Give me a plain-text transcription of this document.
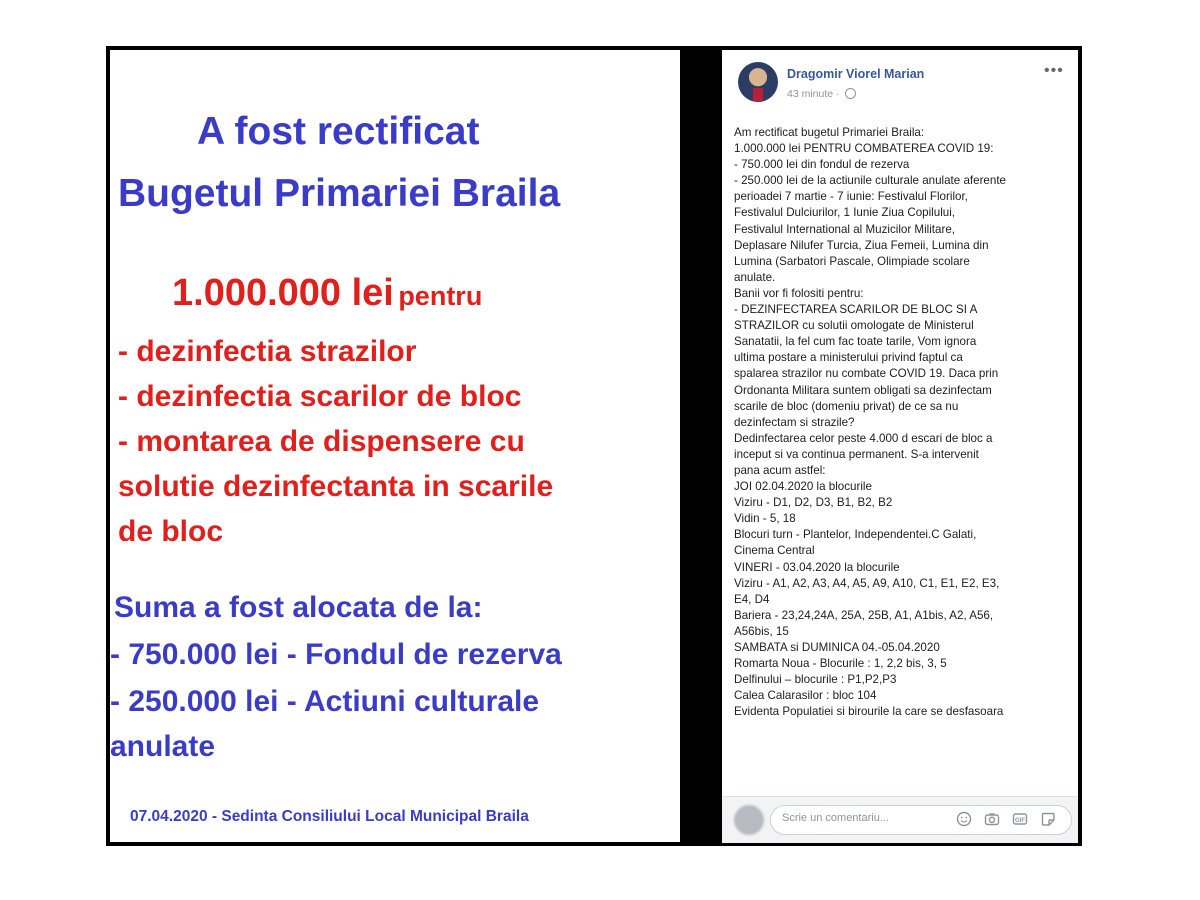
A fost rectificat
Bugetul Primariei Braila
1.000.000 lei pentru
- dezinfectia strazilor
- dezinfectia scarilor de bloc
- montarea de dispensere cu
solutie dezinfectanta in scarile
de bloc
Suma a fost alocata de la:
- 750.000 lei - Fondul de rezerva
- 250.000 lei - Actiuni culturale
anulate
07.04.2020 - Sedinta Consiliului Local Municipal Braila
Dragomir Viorel Marian
43 minute ·
•••
Am rectificat bugetul Primariei Braila:
1.000.000 lei PENTRU COMBATEREA COVID 19:
- 750.000 lei din fondul de rezerva
- 250.000 lei de la actiunile culturale anulate aferente
perioadei 7 martie - 7 iunie: Festivalul Florilor,
Festivalul Dulciurilor, 1 Iunie Ziua Copilului,
Festivalul International al Muzicilor Militare,
Deplasare Nilufer Turcia, Ziua Femeii, Lumina din
Lumina (Sarbatori Pascale, Olimpiade scolare
anulate.
Banii vor fi folositi pentru:
- DEZINFECTAREA SCARILOR DE BLOC SI A
STRAZILOR cu solutii omologate de Ministerul
Sanatatii, la fel cum fac toate tarile, Vom ignora
ultima postare a ministerului privind faptul ca
spalarea strazilor nu combate COVID 19. Daca prin
Ordonanta Militara suntem obligati sa dezinfectam
scarile de bloc (domeniu privat) de ce sa nu
dezinfectam si strazile?
Dedinfectarea celor peste 4.000 d escari de bloc a
inceput si va continua permanent. S-a intervenit
pana acum astfel:
JOI 02.04.2020 la blocurile
Viziru - D1, D2, D3, B1, B2, B2
Vidin - 5, 18
Blocuri turn - Plantelor, Independentei.C Galati,
Cinema Central
VINERI - 03.04.2020 la blocurile
Viziru - A1, A2, A3, A4, A5, A9, A10, C1, E1, E2, E3,
E4, D4
Bariera - 23,24,24A, 25A, 25B, A1, A1bis, A2, A56,
A56bis, 15
SAMBATA si DUMINICA 04.-05.04.2020
Romarta Noua - Blocurile : 1, 2,2 bis, 3, 5
Delfinului – blocurile : P1,P2,P3
Calea Calarasilor : bloc 104
Evidenta Populatiei si birourile la care se desfasoara
Scrie un comentariu...	GIF
